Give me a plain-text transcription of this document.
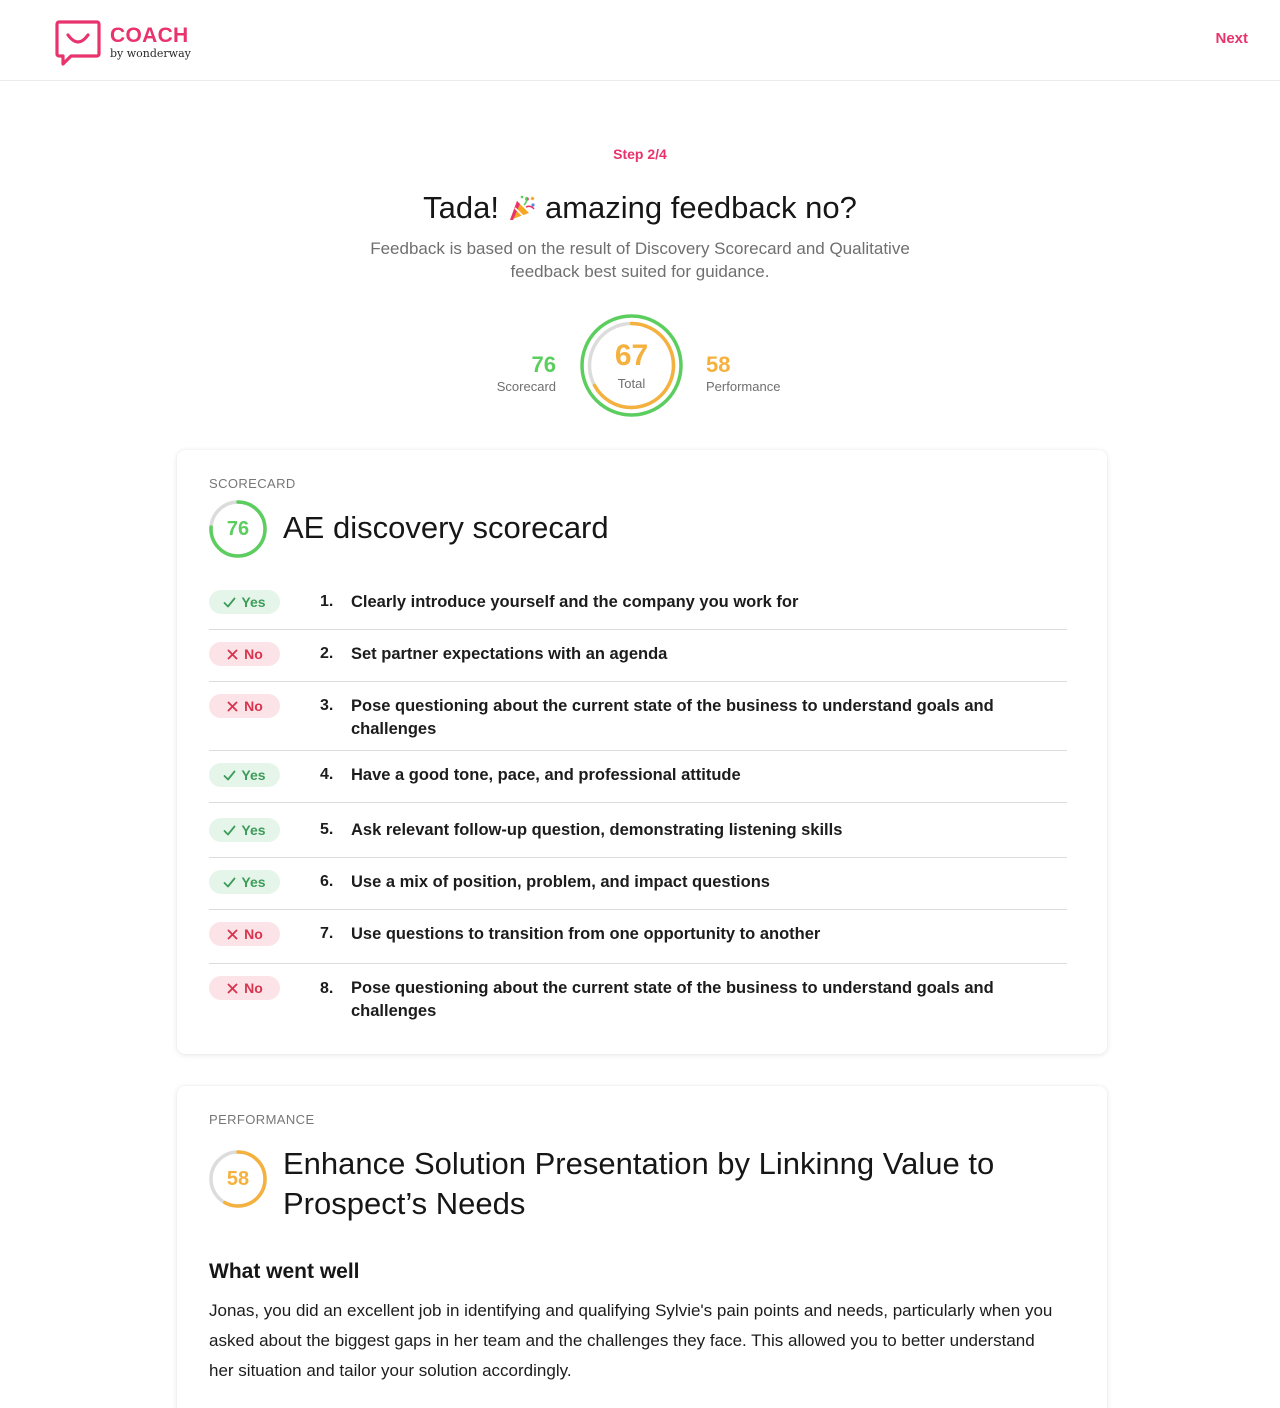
COACH
by wonderway
Next
Step 2/4
Tada! amazing feedback no?
Feedback is based on the result of Discovery Scorecard and Qualitative feedback best suited for guidance.
76
Scorecard
67
Total
58
Performance
SCORECARD
76	AE discovery scorecard
Yes	1. Clearly introduce yourself and the company you work for
No	2. Set partner expectations with an agenda
No	3. Pose questioning about the current state of the business to understand goals and challenges
Yes	4. Have a good tone, pace, and professional attitude
Yes	5. Ask relevant follow-up question, demonstrating listening skills
Yes	6. Use a mix of position, problem, and impact questions
No	7. Use questions to transition from one opportunity to another
No	8. Pose questioning about the current state of the business to understand goals and challenges
PERFORMANCE
58	Enhance Solution Presentation by Linkinng Value to Prospect’s Needs
What went well
Jonas, you did an excellent job in identifying and qualifying Sylvie's pain points and needs, particularly when you asked about the biggest gaps in her team and the challenges they face. This allowed you to better understand her situation and tailor your solution accordingly.
